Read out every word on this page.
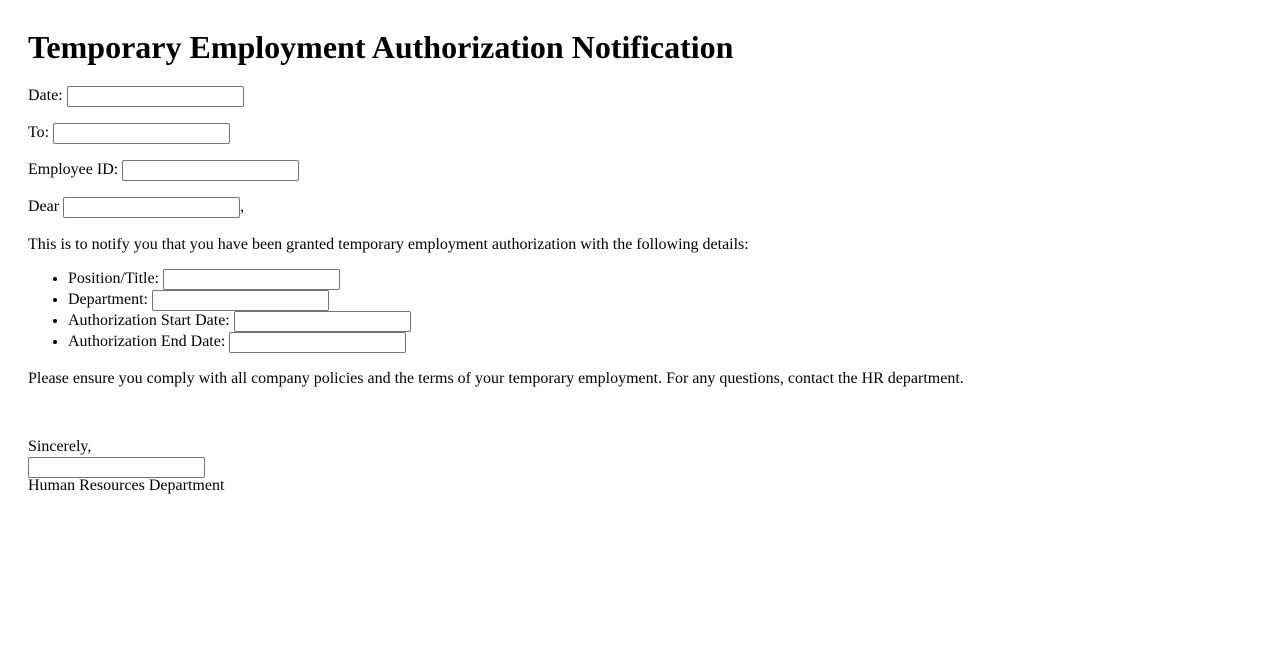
Temporary Employment Authorization Notification
Date:
To:
Employee ID:
Dear	,
This is to notify you that you have been granted temporary employment authorization with the following details:
• Position/Title:
• Department:
• Authorization Start Date:
• Authorization End Date:
Please ensure you comply with all company policies and the terms of your temporary employment. For any questions, contact the HR department.
Sincerely,
Human Resources Department
